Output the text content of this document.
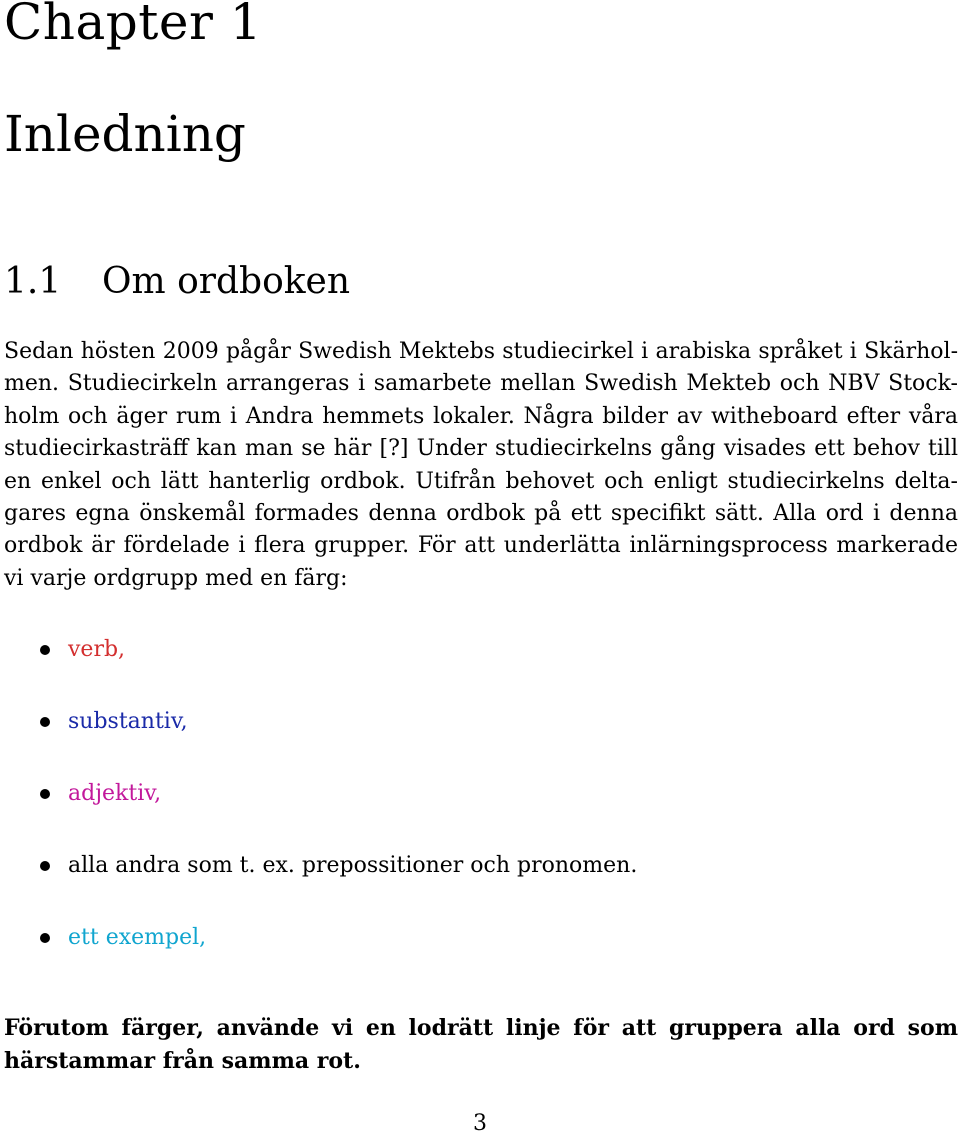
Chapter 1
Inledning
1.1 Om ordboken
Sedan hösten 2009 pågår Swedish Mektebs studiecirkel i arabiska språket i Skärhol-
men. Studiecirkeln arrangeras i samarbete mellan Swedish Mekteb och NBV Stock-
holm och äger rum i Andra hemmets lokaler. Några bilder av witheboard efter våra
studiecirkasträff kan man se här [?] Under studiecirkelns gång visades ett behov till
en enkel och lätt hanterlig ordbok. Utifrån behovet och enligt studiecirkelns delta-
gares egna önskemål formades denna ordbok på ett specifikt sätt. Alla ord i denna
ordbok är fördelade i flera grupper. För att underlätta inlärningsprocess markerade
vi varje ordgrupp med en färg:
verb,
substantiv,
adjektiv,
alla andra som t. ex. prepossitioner och pronomen.
ett exempel,
Förutom färger, använde vi en lodrätt linje för att gruppera alla ord som
härstammar från samma rot.

3
